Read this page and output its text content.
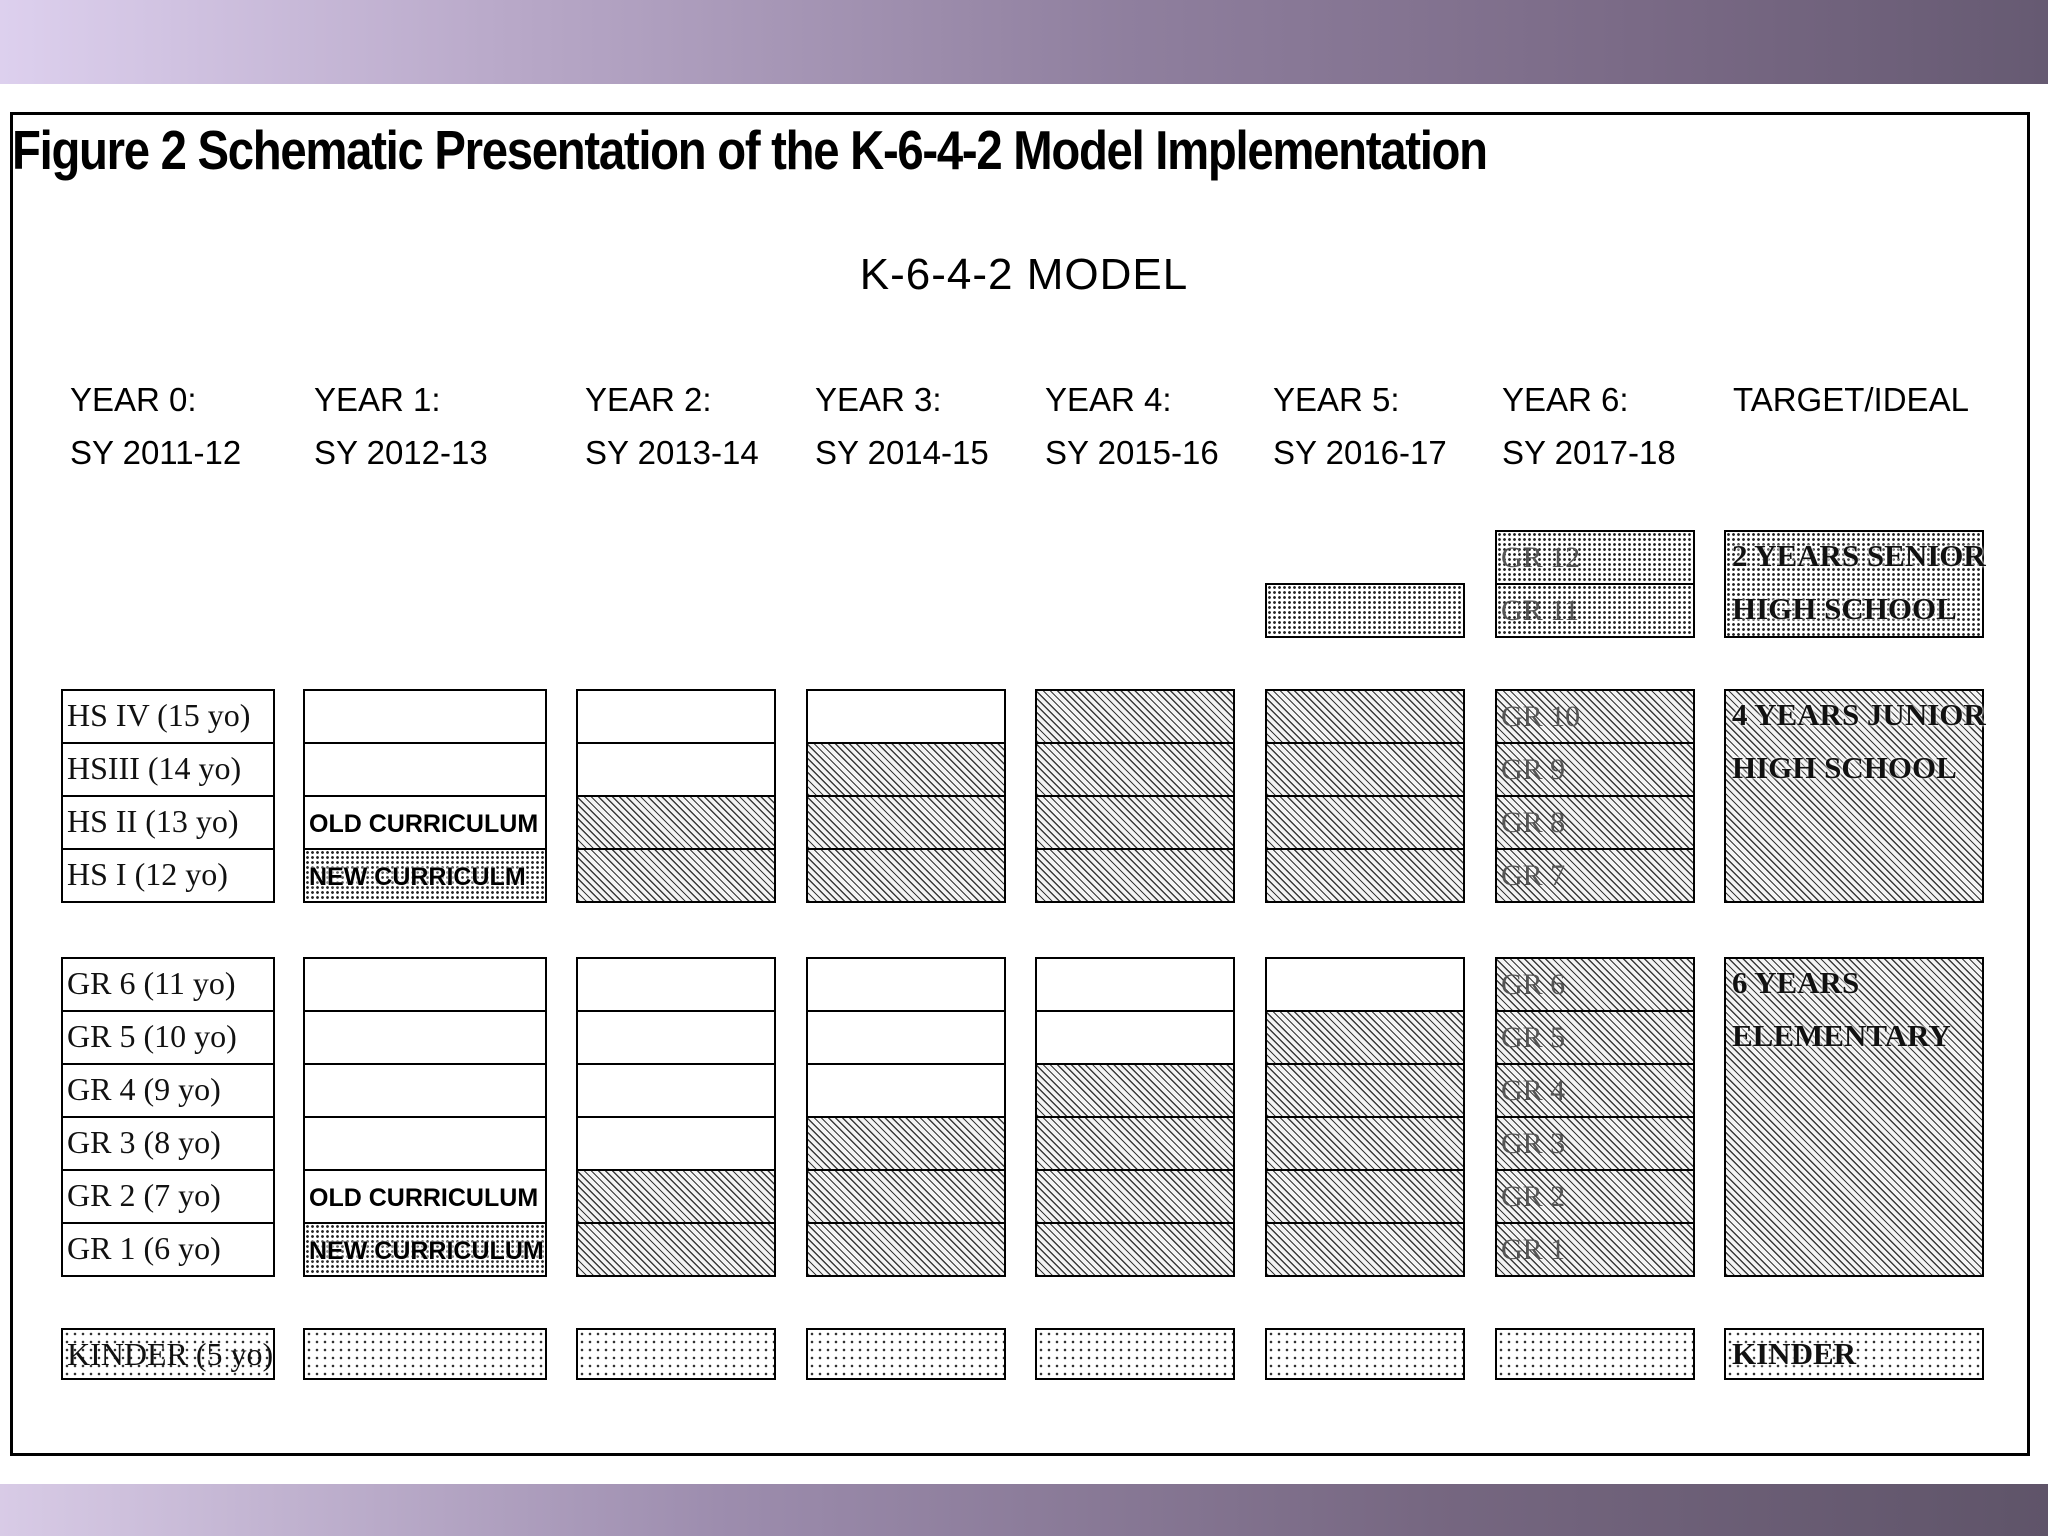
Figure 2 Schematic Presentation of the K-6-4-2 Model Implementation
K-6-4-2 MODEL
YEAR 0:
SY 2011-12
YEAR 1:
SY 2012-13
YEAR 2:
SY 2013-14
YEAR 3:
SY 2014-15
YEAR 4:
SY 2015-16
YEAR 5:
SY 2016-17
YEAR 6:
SY 2017-18
TARGET/IDEAL
HS IV (15 yo)
HSIII (14 yo)
HS II (13 yo)
HS I (12 yo)
GR 6 (11 yo)
GR 5 (10 yo)
GR 4 (9 yo)
GR 3 (8 yo)
GR 2 (7 yo)
GR 1 (6 yo)
KINDER (5 yo)
OLD CURRICULUM
NEW CURRICULM
OLD CURRICULUM
NEW CURRICULUM
GR 10
GR 9
GR 8
GR 7
GR 6
GR 5
GR 4
GR 3
GR 2
GR 1
GR 12
GR 11
2 YEARS SENIOR
HIGH SCHOOL
4 YEARS JUNIOR
HIGH SCHOOL
6 YEARS
ELEMENTARY
KINDER
